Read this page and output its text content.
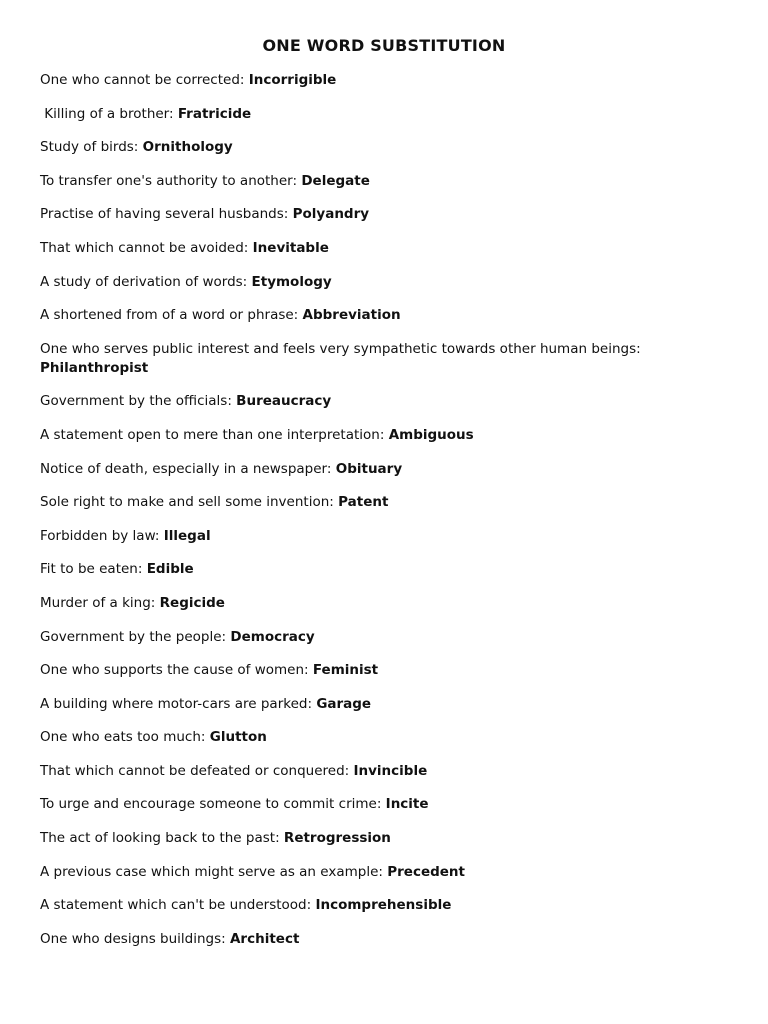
ONE WORD SUBSTITUTION
One who cannot be corrected: Incorrigible
Killing of a brother: Fratricide
Study of birds: Ornithology
To transfer one's authority to another: Delegate
Practise of having several husbands: Polyandry
That which cannot be avoided: Inevitable
A study of derivation of words: Etymology
A shortened from of a word or phrase: Abbreviation
One who serves public interest and feels very sympathetic towards other human beings: Philanthropist
Government by the officials: Bureaucracy
A statement open to mere than one interpretation: Ambiguous
Notice of death, especially in a newspaper: Obituary
Sole right to make and sell some invention: Patent
Forbidden by law: Illegal
Fit to be eaten: Edible
Murder of a king: Regicide
Government by the people: Democracy
One who supports the cause of women: Feminist
A building where motor-cars are parked: Garage
One who eats too much: Glutton
That which cannot be defeated or conquered: Invincible
To urge and encourage someone to commit crime: Incite
The act of looking back to the past: Retrogression
A previous case which might serve as an example: Precedent
A statement which can't be understood: Incomprehensible
One who designs buildings: Architect
